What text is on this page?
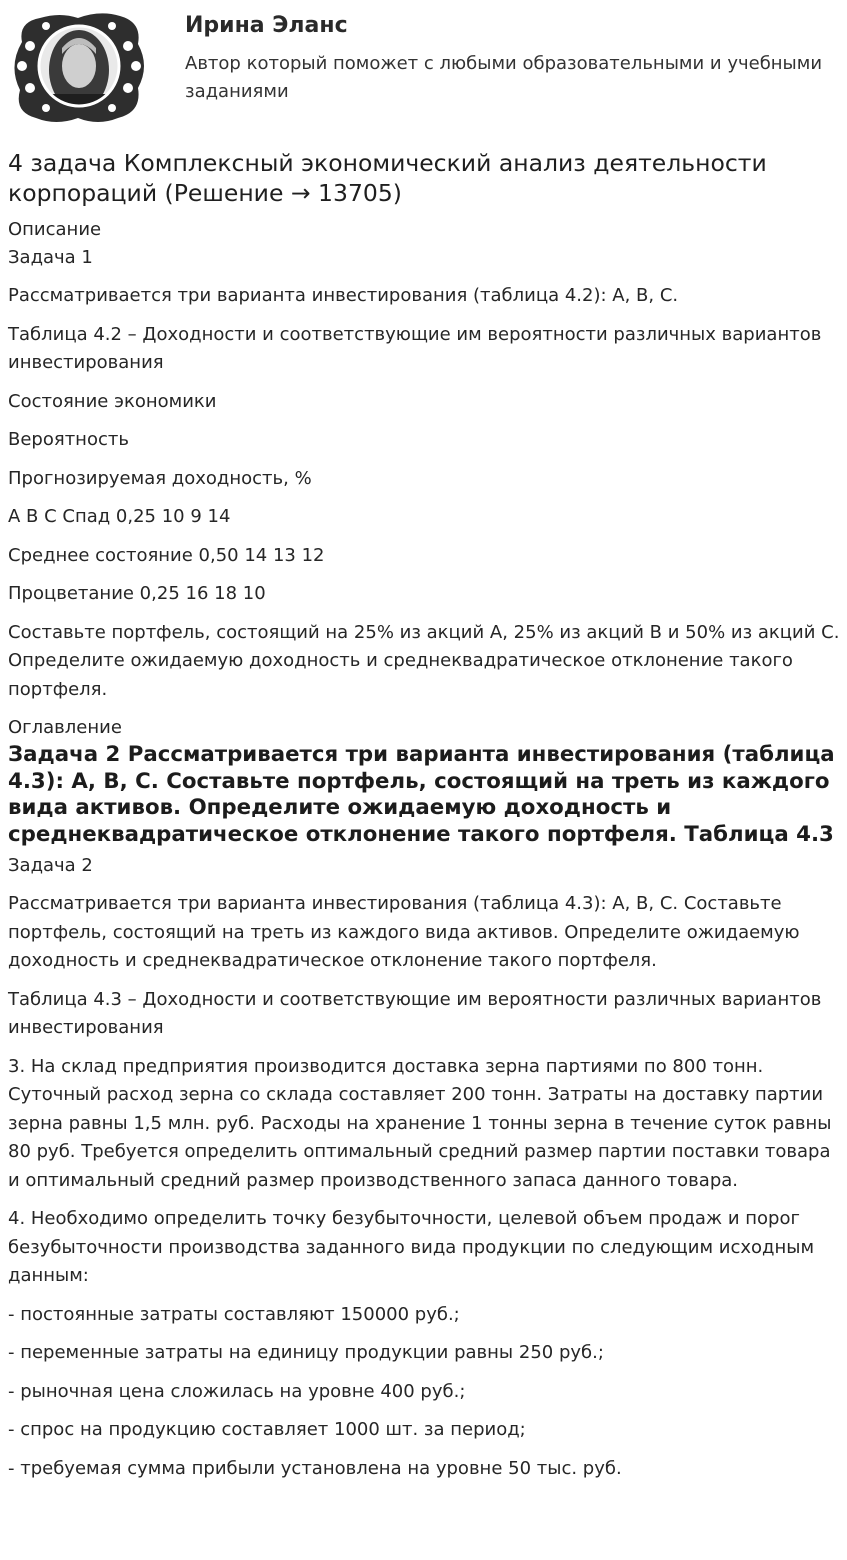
Ирина Эланс
Автор который поможет с любыми образовательными и учебными заданиями
4 задача Комплексный экономический анализ деятельности корпораций (Решение → 13705)
Описание
Задача 1

Рассматривается три варианта инвестирования (таблица 4.2): А, В, С.

Таблица 4.2 – Доходности и соответствующие им вероятности различных вариантов инвестирования

Состояние экономики

Вероятность

Прогнозируемая доходность, %

А В С Спад 0,25 10 9 14

Среднее состояние 0,50 14 13 12

Процветание 0,25 16 18 10

Составьте портфель, состоящий на 25% из акций А, 25% из акций В и 50% из акций С. Определите ожидаемую доходность и среднеквадратическое отклонение такого портфеля.

Оглавление
Задача 2 Рассматривается три варианта инвестирования (таблица 4.3): А, В, С. Составьте портфель, состоящий на треть из каждого вида активов. Определите ожидаемую доходность и среднеквадратическое отклонение такого портфеля. Таблица 4.3
Задача 2

Рассматривается три варианта инвестирования (таблица 4.3): А, В, С. Составьте портфель, состоящий на треть из каждого вида активов. Определите ожидаемую доходность и среднеквадратическое отклонение такого портфеля.

Таблица 4.3 – Доходности и соответствующие им вероятности различных вариантов инвестирования

3. На склад предприятия производится доставка зерна партиями по 800 тонн. Суточный расход зерна со склада составляет 200 тонн. Затраты на доставку партии зерна равны 1,5 млн. руб. Расходы на хранение 1 тонны зерна в течение суток равны 80 руб. Требуется определить оптимальный средний размер партии поставки товара и оптимальный средний размер производственного запаса данного товара.

4. Необходимо определить точку безубыточности, целевой объем продаж и порог безубыточности производства заданного вида продукции по следующим исходным данным:

- постоянные затраты составляют 150000 руб.;

- переменные затраты на единицу продукции равны 250 руб.;

- рыночная цена сложилась на уровне 400 руб.;

- спрос на продукцию составляет 1000 шт. за период;

- требуемая сумма прибыли установлена на уровне 50 тыс. руб.
